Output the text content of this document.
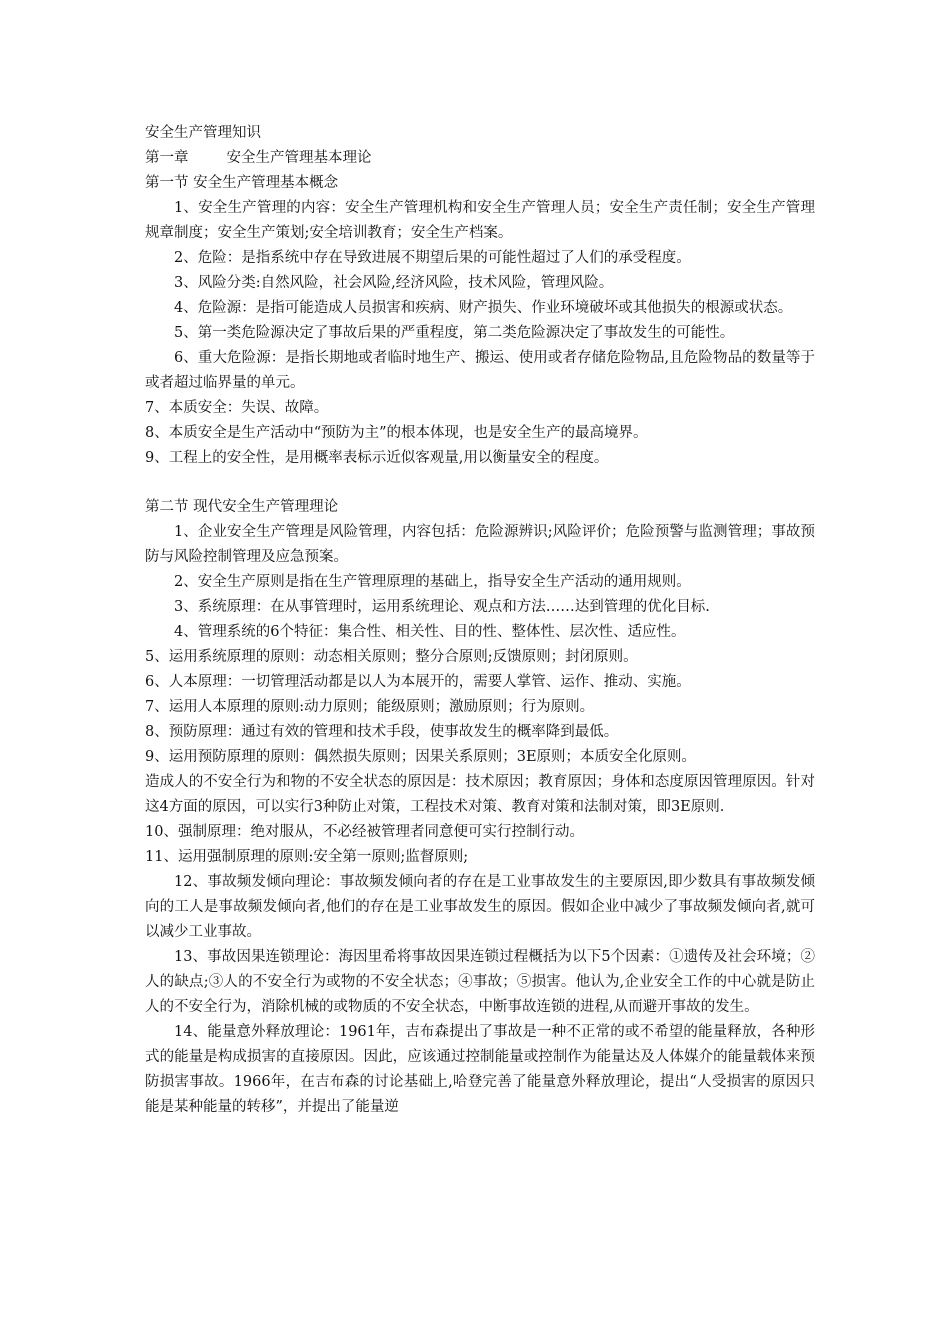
安全生产管理知识

第一章	安全生产管理基本理论

第一节 安全生产管理基本概念

1、安全生产管理的内容：安全生产管理机构和安全生产管理人员；安全生产责任制；安全生产管理规章制度；安全生产策划;安全培训教育；安全生产档案。

2、危险：是指系统中存在导致进展不期望后果的可能性超过了人们的承受程度。

3、风险分类:自然风险，社会风险,经济风险，技术风险，管理风险。

4、危险源：是指可能造成人员损害和疾病、财产损失、作业环境破坏或其他损失的根源或状态。

5、第一类危险源决定了事故后果的严重程度，第二类危险源决定了事故发生的可能性。

6、重大危险源：是指长期地或者临时地生产、搬运、使用或者存储危险物品,且危险物品的数量等于或者超过临界量的单元。

7、本质安全：失误、故障。

8、本质安全是生产活动中“预防为主”的根本体现，也是安全生产的最高境界。

9、工程上的安全性，是用概率表标示近似客观量,用以衡量安全的程度。

第二节 现代安全生产管理理论

1、企业安全生产管理是风险管理，内容包括：危险源辨识;风险评价；危险预警与监测管理；事故预防与风险控制管理及应急预案。

2、安全生产原则是指在生产管理原理的基础上，指导安全生产活动的通用规则。

3、系统原理：在从事管理时，运用系统理论、观点和方法……达到管理的优化目标.

4、管理系统的6个特征：集合性、相关性、目的性、整体性、层次性、适应性。

5、运用系统原理的原则：动态相关原则；整分合原则;反馈原则；封闭原则。

6、人本原理：一切管理活动都是以人为本展开的，需要人掌管、运作、推动、实施。

7、运用人本原理的原则:动力原则；能级原则；激励原则；行为原则。

8、预防原理：通过有效的管理和技术手段，使事故发生的概率降到最低。

9、运用预防原理的原则：偶然损失原则；因果关系原则；3E原则；本质安全化原则。

造成人的不安全行为和物的不安全状态的原因是：技术原因；教育原因；身体和态度原因管理原因。针对这4方面的原因，可以实行3种防止对策，工程技术对策、教育对策和法制对策，即3E原则.

10、强制原理：绝对服从，不必经被管理者同意便可实行控制行动。

11、运用强制原理的原则:安全第一原则;监督原则;

12、事故频发倾向理论：事故频发倾向者的存在是工业事故发生的主要原因,即少数具有事故频发倾向的工人是事故频发倾向者,他们的存在是工业事故发生的原因。假如企业中减少了事故频发倾向者,就可以减少工业事故。

13、事故因果连锁理论：海因里希将事故因果连锁过程概括为以下5个因素：①遗传及社会环境；②人的缺点;③人的不安全行为或物的不安全状态；④事故；⑤损害。他认为,企业安全工作的中心就是防止人的不安全行为，消除机械的或物质的不安全状态，中断事故连锁的进程,从而避开事故的发生。

14、能量意外释放理论：1961年，吉布森提出了事故是一种不正常的或不希望的能量释放，各种形式的能量是构成损害的直接原因。因此，应该通过控制能量或控制作为能量达及人体媒介的能量载体来预防损害事故。1966年，在吉布森的讨论基础上,哈登完善了能量意外释放理论，提出“人受损害的原因只能是某种能量的转移”，并提出了能量逆
